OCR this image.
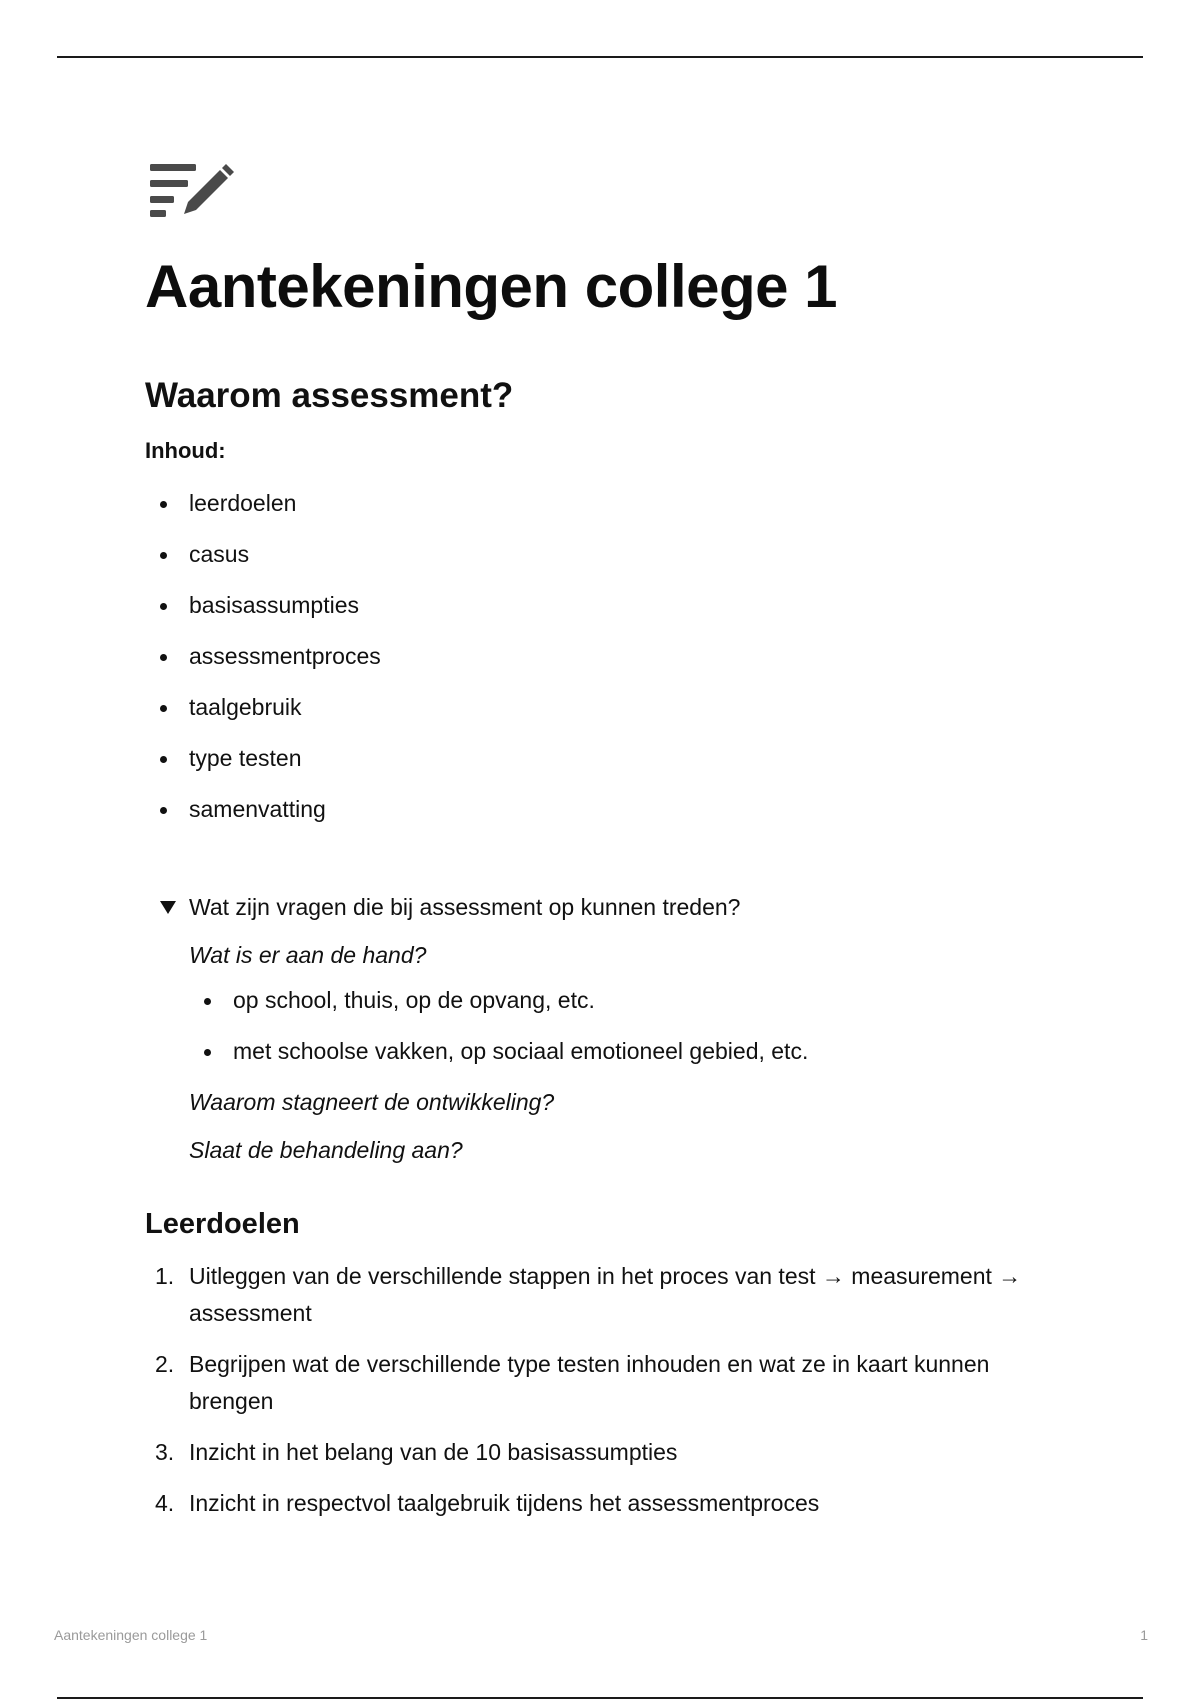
Aantekeningen college 1
Waarom assessment?

Inhoud:

leerdoelen
casus
basisassumpties
assessmentproces
taalgebruik
type testen
samenvatting
Wat zijn vragen die bij assessment op kunnen treden?
Wat is er aan de hand?
op school, thuis, op de opvang, etc.
met schoolse vakken, op sociaal emotioneel gebied, etc.
Waarom stagneert de ontwikkeling?
Slaat de behandeling aan?
Leerdoelen
1. Uitleggen van de verschillende stappen in het proces van test → measurement → assessment
2. Begrijpen wat de verschillende type testen inhouden en wat ze in kaart kunnen brengen
3. Inzicht in het belang van de 10 basisassumpties
4. Inzicht in respectvol taalgebruik tijdens het assessmentproces
Aantekeningen college 1	1
